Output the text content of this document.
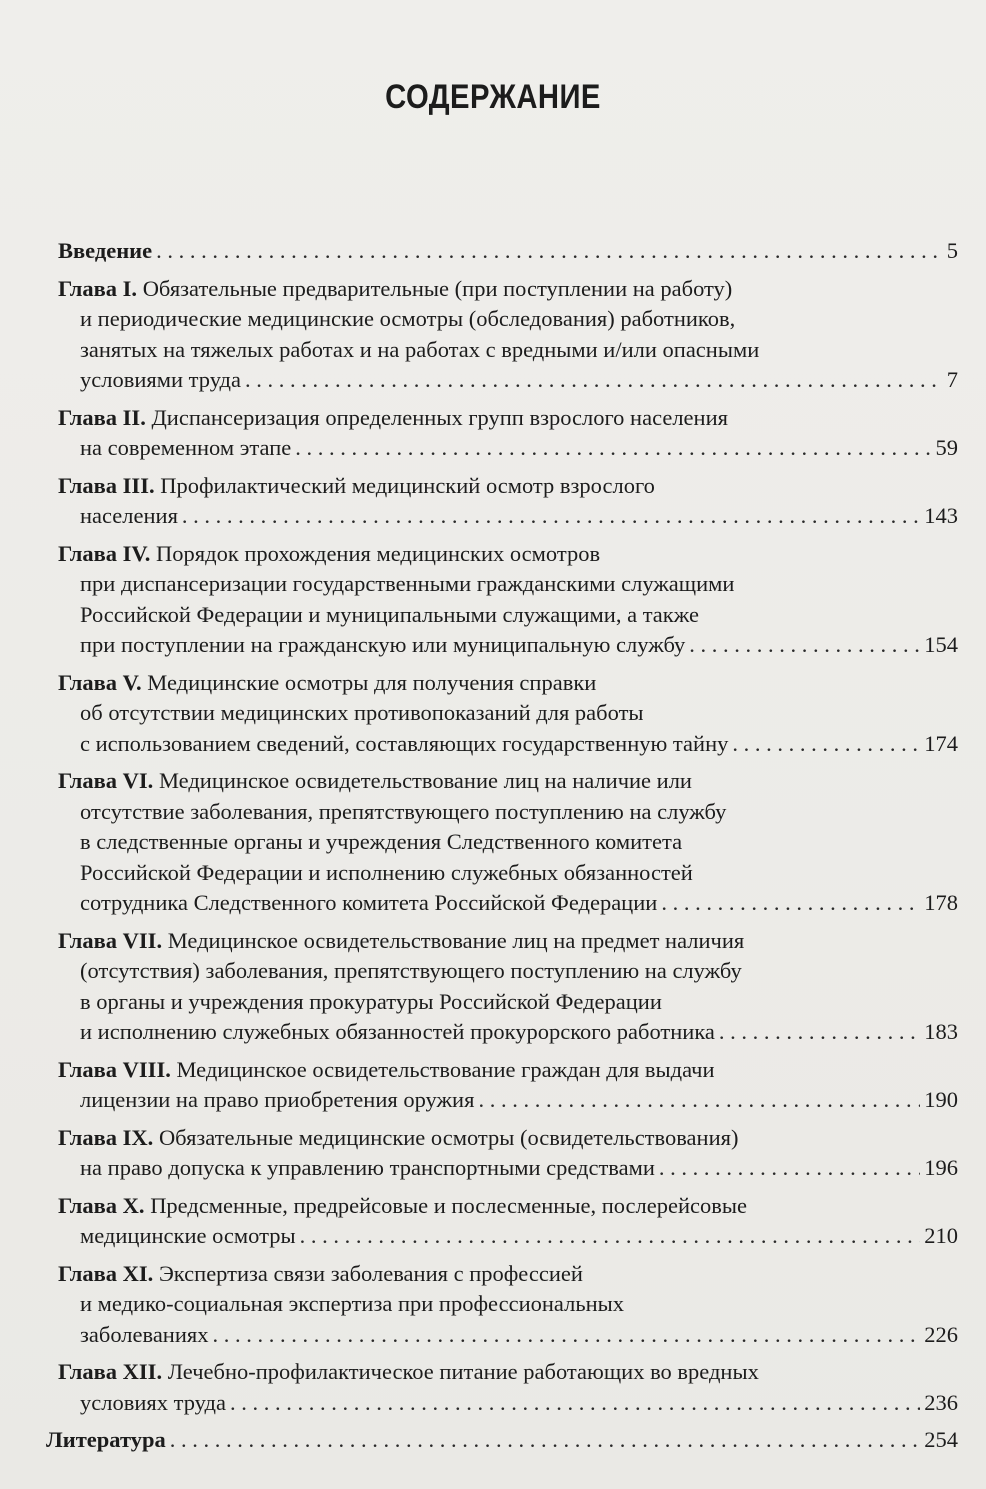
СОДЕРЖАНИЕ
Введение . . .	5
Глава I. Обязательные предварительные (при поступлении на работу)
и периодические медицинские осмотры (обследования) работников,
занятых на тяжелых работах и на работах с вредными и/или опасными
условиями труда . . .	7
Глава II. Диспансеризация определенных групп взрослого населения
на современном этапе . . .	59
Глава III. Профилактический медицинский осмотр взрослого
населения . . .	143
Глава IV. Порядок прохождения медицинских осмотров
при диспансеризации государственными гражданскими служащими
Российской Федерации и муниципальными служащими, а также
при поступлении на гражданскую или муниципальную службу . . .	154
Глава V. Медицинские осмотры для получения справки
об отсутствии медицинских противопоказаний для работы
с использованием сведений, составляющих государственную тайну . . .	174
Глава VI. Медицинское освидетельствование лиц на наличие или
отсутствие заболевания, препятствующего поступлению на службу
в следственные органы и учреждения Следственного комитета
Российской Федерации и исполнению служебных обязанностей
сотрудника Следственного комитета Российской Федерации . . .	178
Глава VII. Медицинское освидетельствование лиц на предмет наличия
(отсутствия) заболевания, препятствующего поступлению на службу
в органы и учреждения прокуратуры Российской Федерации
и исполнению служебных обязанностей прокурорского работника . . .	183
Глава VIII. Медицинское освидетельствование граждан для выдачи
лицензии на право приобретения оружия . . .	190
Глава IX. Обязательные медицинские осмотры (освидетельствования)
на право допуска к управлению транспортными средствами . . .	196
Глава X. Предсменные, предрейсовые и послесменные, послерейсовые
медицинские осмотры . . .	210
Глава XI. Экспертиза связи заболевания с профессией
и медико-социальная экспертиза при профессиональных
заболеваниях . . .	226
Глава XII. Лечебно-профилактическое питание работающих во вредных
условиях труда . . .	236
Литература . . .	254
